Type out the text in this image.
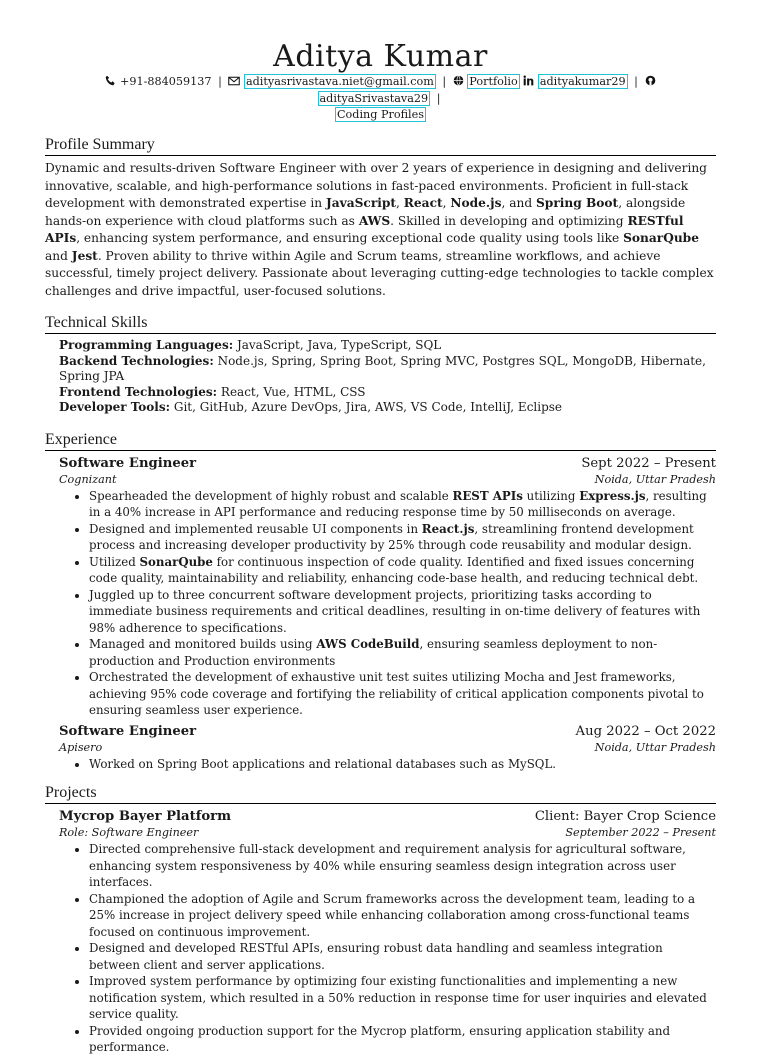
Aditya Kumar
+91-884059137 | adityasrivastava.niet@gmail.com | Portfolio adityakumar29 |  adityaSrivastava29 |
Coding Profiles
Profile Summary
Dynamic and results-driven Software Engineer with over 2 years of experience in designing and delivering innovative, scalable, and high-performance solutions in fast-paced environments. Proficient in full-stack development with demonstrated expertise in JavaScript, React, Node.js, and Spring Boot, alongside hands-on experience with cloud platforms such as AWS. Skilled in developing and optimizing RESTful APIs, enhancing system performance, and ensuring exceptional code quality using tools like SonarQube and Jest. Proven ability to thrive within Agile and Scrum teams, streamline workflows, and achieve successful, timely project delivery. Passionate about leveraging cutting-edge technologies to tackle complex challenges and drive impactful, user-focused solutions.
Technical Skills
Programming Languages: JavaScript, Java, TypeScript, SQL
Backend Technologies: Node.js, Spring, Spring Boot, Spring MVC, Postgres SQL, MongoDB, Hibernate, Spring JPA
Frontend Technologies: React, Vue, HTML, CSS
Developer Tools: Git, GitHub, Azure DevOps, Jira, AWS, VS Code, IntelliJ, Eclipse
Experience
Software Engineer	Sept 2022 – Present
Cognizant	Noida, Uttar Pradesh
• Spearheaded the development of highly robust and scalable REST APIs utilizing Express.js, resulting in a 40% increase in API performance and reducing response time by 50 milliseconds on average.
• Designed and implemented reusable UI components in React.js, streamlining frontend development process and increasing developer productivity by 25% through code reusability and modular design.
• Utilized SonarQube for continuous inspection of code quality. Identified and fixed issues concerning code quality, maintainability and reliability, enhancing code-base health, and reducing technical debt.
• Juggled up to three concurrent software development projects, prioritizing tasks according to immediate business requirements and critical deadlines, resulting in on-time delivery of features with 98% adherence to specifications.
• Managed and monitored builds using AWS CodeBuild, ensuring seamless deployment to non-production and Production environments
• Orchestrated the development of exhaustive unit test suites utilizing Mocha and Jest frameworks, achieving 95% code coverage and fortifying the reliability of critical application components pivotal to ensuring seamless user experience.
Software Engineer	Aug 2022 – Oct 2022
Apisero	Noida, Uttar Pradesh
• Worked on Spring Boot applications and relational databases such as MySQL.
Projects
Mycrop Bayer Platform	Client: Bayer Crop Science
Role: Software Engineer	September 2022 – Present
• Directed comprehensive full-stack development and requirement analysis for agricultural software, enhancing system responsiveness by 40% while ensuring seamless design integration across user interfaces.
• Championed the adoption of Agile and Scrum frameworks across the development team, leading to a 25% increase in project delivery speed while enhancing collaboration among cross-functional teams focused on continuous improvement.
• Designed and developed RESTful APIs, ensuring robust data handling and seamless integration between client and server applications.
• Improved system performance by optimizing four existing functionalities and implementing a new notification system, which resulted in a 50% reduction in response time for user inquiries and elevated service quality.
• Provided ongoing production support for the Mycrop platform, ensuring application stability and performance.
